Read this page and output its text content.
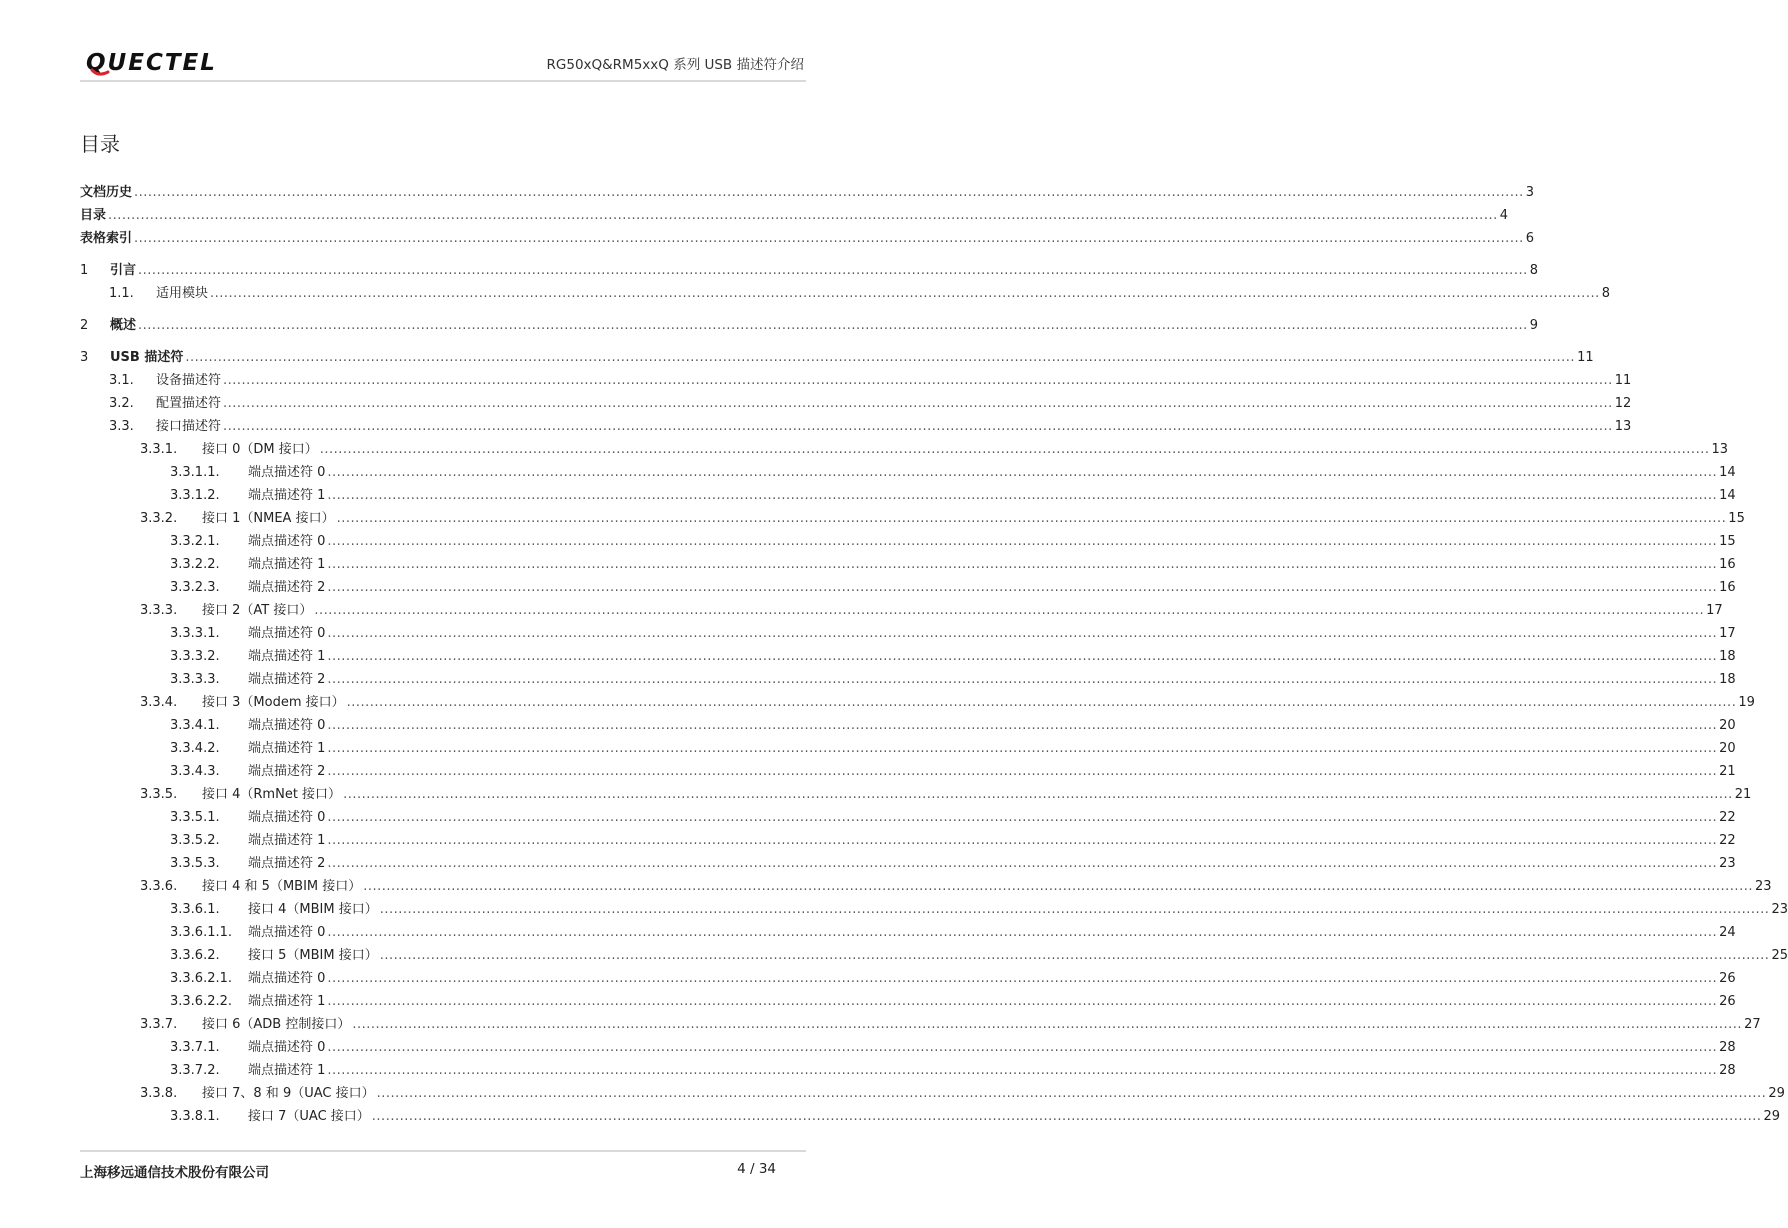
QUECTEL	RG50xQ&RM5xxQ 系列 USB 描述符介绍
目录
文档历史 ............................................................................................................................................................................................................................................................................................................ 3
目录 ............................................................................................................................................................................................................................................................................................................ 4
表格索引 ............................................................................................................................................................................................................................................................................................................ 6
1	引言 ............................................................................................................................................................................................................................................................................................................ 8
1.1.	适用模块 ............................................................................................................................................................................................................................................................................................................ 8
2	概述 ............................................................................................................................................................................................................................................................................................................ 9
3	USB 描述符 ............................................................................................................................................................................................................................................................................................................ 11
3.1.	设备描述符 ............................................................................................................................................................................................................................................................................................................ 11
3.2.	配置描述符 ............................................................................................................................................................................................................................................................................................................ 12
3.3.	接口描述符 ............................................................................................................................................................................................................................................................................................................ 13
3.3.1.	接口 0（DM 接口） ............................................................................................................................................................................................................................................................................................................ 13
3.3.1.1.	端点描述符 0 ............................................................................................................................................................................................................................................................................................................ 14
3.3.1.2.	端点描述符 1 ............................................................................................................................................................................................................................................................................................................ 14
3.3.2.	接口 1（NMEA 接口） ............................................................................................................................................................................................................................................................................................................ 15
3.3.2.1.	端点描述符 0 ............................................................................................................................................................................................................................................................................................................ 15
3.3.2.2.	端点描述符 1 ............................................................................................................................................................................................................................................................................................................ 16
3.3.2.3.	端点描述符 2 ............................................................................................................................................................................................................................................................................................................ 16
3.3.3.	接口 2（AT 接口） ............................................................................................................................................................................................................................................................................................................ 17
3.3.3.1.	端点描述符 0 ............................................................................................................................................................................................................................................................................................................ 17
3.3.3.2.	端点描述符 1 ............................................................................................................................................................................................................................................................................................................ 18
3.3.3.3.	端点描述符 2 ............................................................................................................................................................................................................................................................................................................ 18
3.3.4.	接口 3（Modem 接口） ............................................................................................................................................................................................................................................................................................................ 19
3.3.4.1.	端点描述符 0 ............................................................................................................................................................................................................................................................................................................ 20
3.3.4.2.	端点描述符 1 ............................................................................................................................................................................................................................................................................................................ 20
3.3.4.3.	端点描述符 2 ............................................................................................................................................................................................................................................................................................................ 21
3.3.5.	接口 4（RmNet 接口） ............................................................................................................................................................................................................................................................................................................ 21
3.3.5.1.	端点描述符 0 ............................................................................................................................................................................................................................................................................................................ 22
3.3.5.2.	端点描述符 1 ............................................................................................................................................................................................................................................................................................................ 22
3.3.5.3.	端点描述符 2 ............................................................................................................................................................................................................................................................................................................ 23
3.3.6.	接口 4 和 5（MBIM 接口） ............................................................................................................................................................................................................................................................................................................ 23
3.3.6.1.	接口 4（MBIM 接口） ............................................................................................................................................................................................................................................................................................................ 23
3.3.6.1.1.	端点描述符 0 ............................................................................................................................................................................................................................................................................................................ 24
3.3.6.2.	接口 5（MBIM 接口） ............................................................................................................................................................................................................................................................................................................ 25
3.3.6.2.1.	端点描述符 0 ............................................................................................................................................................................................................................................................................................................ 26
3.3.6.2.2.	端点描述符 1 ............................................................................................................................................................................................................................................................................................................ 26
3.3.7.	接口 6（ADB 控制接口） ............................................................................................................................................................................................................................................................................................................ 27
3.3.7.1.	端点描述符 0 ............................................................................................................................................................................................................................................................................................................ 28
3.3.7.2.	端点描述符 1 ............................................................................................................................................................................................................................................................................................................ 28
3.3.8.	接口 7、8 和 9（UAC 接口） ............................................................................................................................................................................................................................................................................................................ 29
3.3.8.1.	接口 7（UAC 接口） ............................................................................................................................................................................................................................................................................................................ 29
上海移远通信技术股份有限公司	4 / 34
